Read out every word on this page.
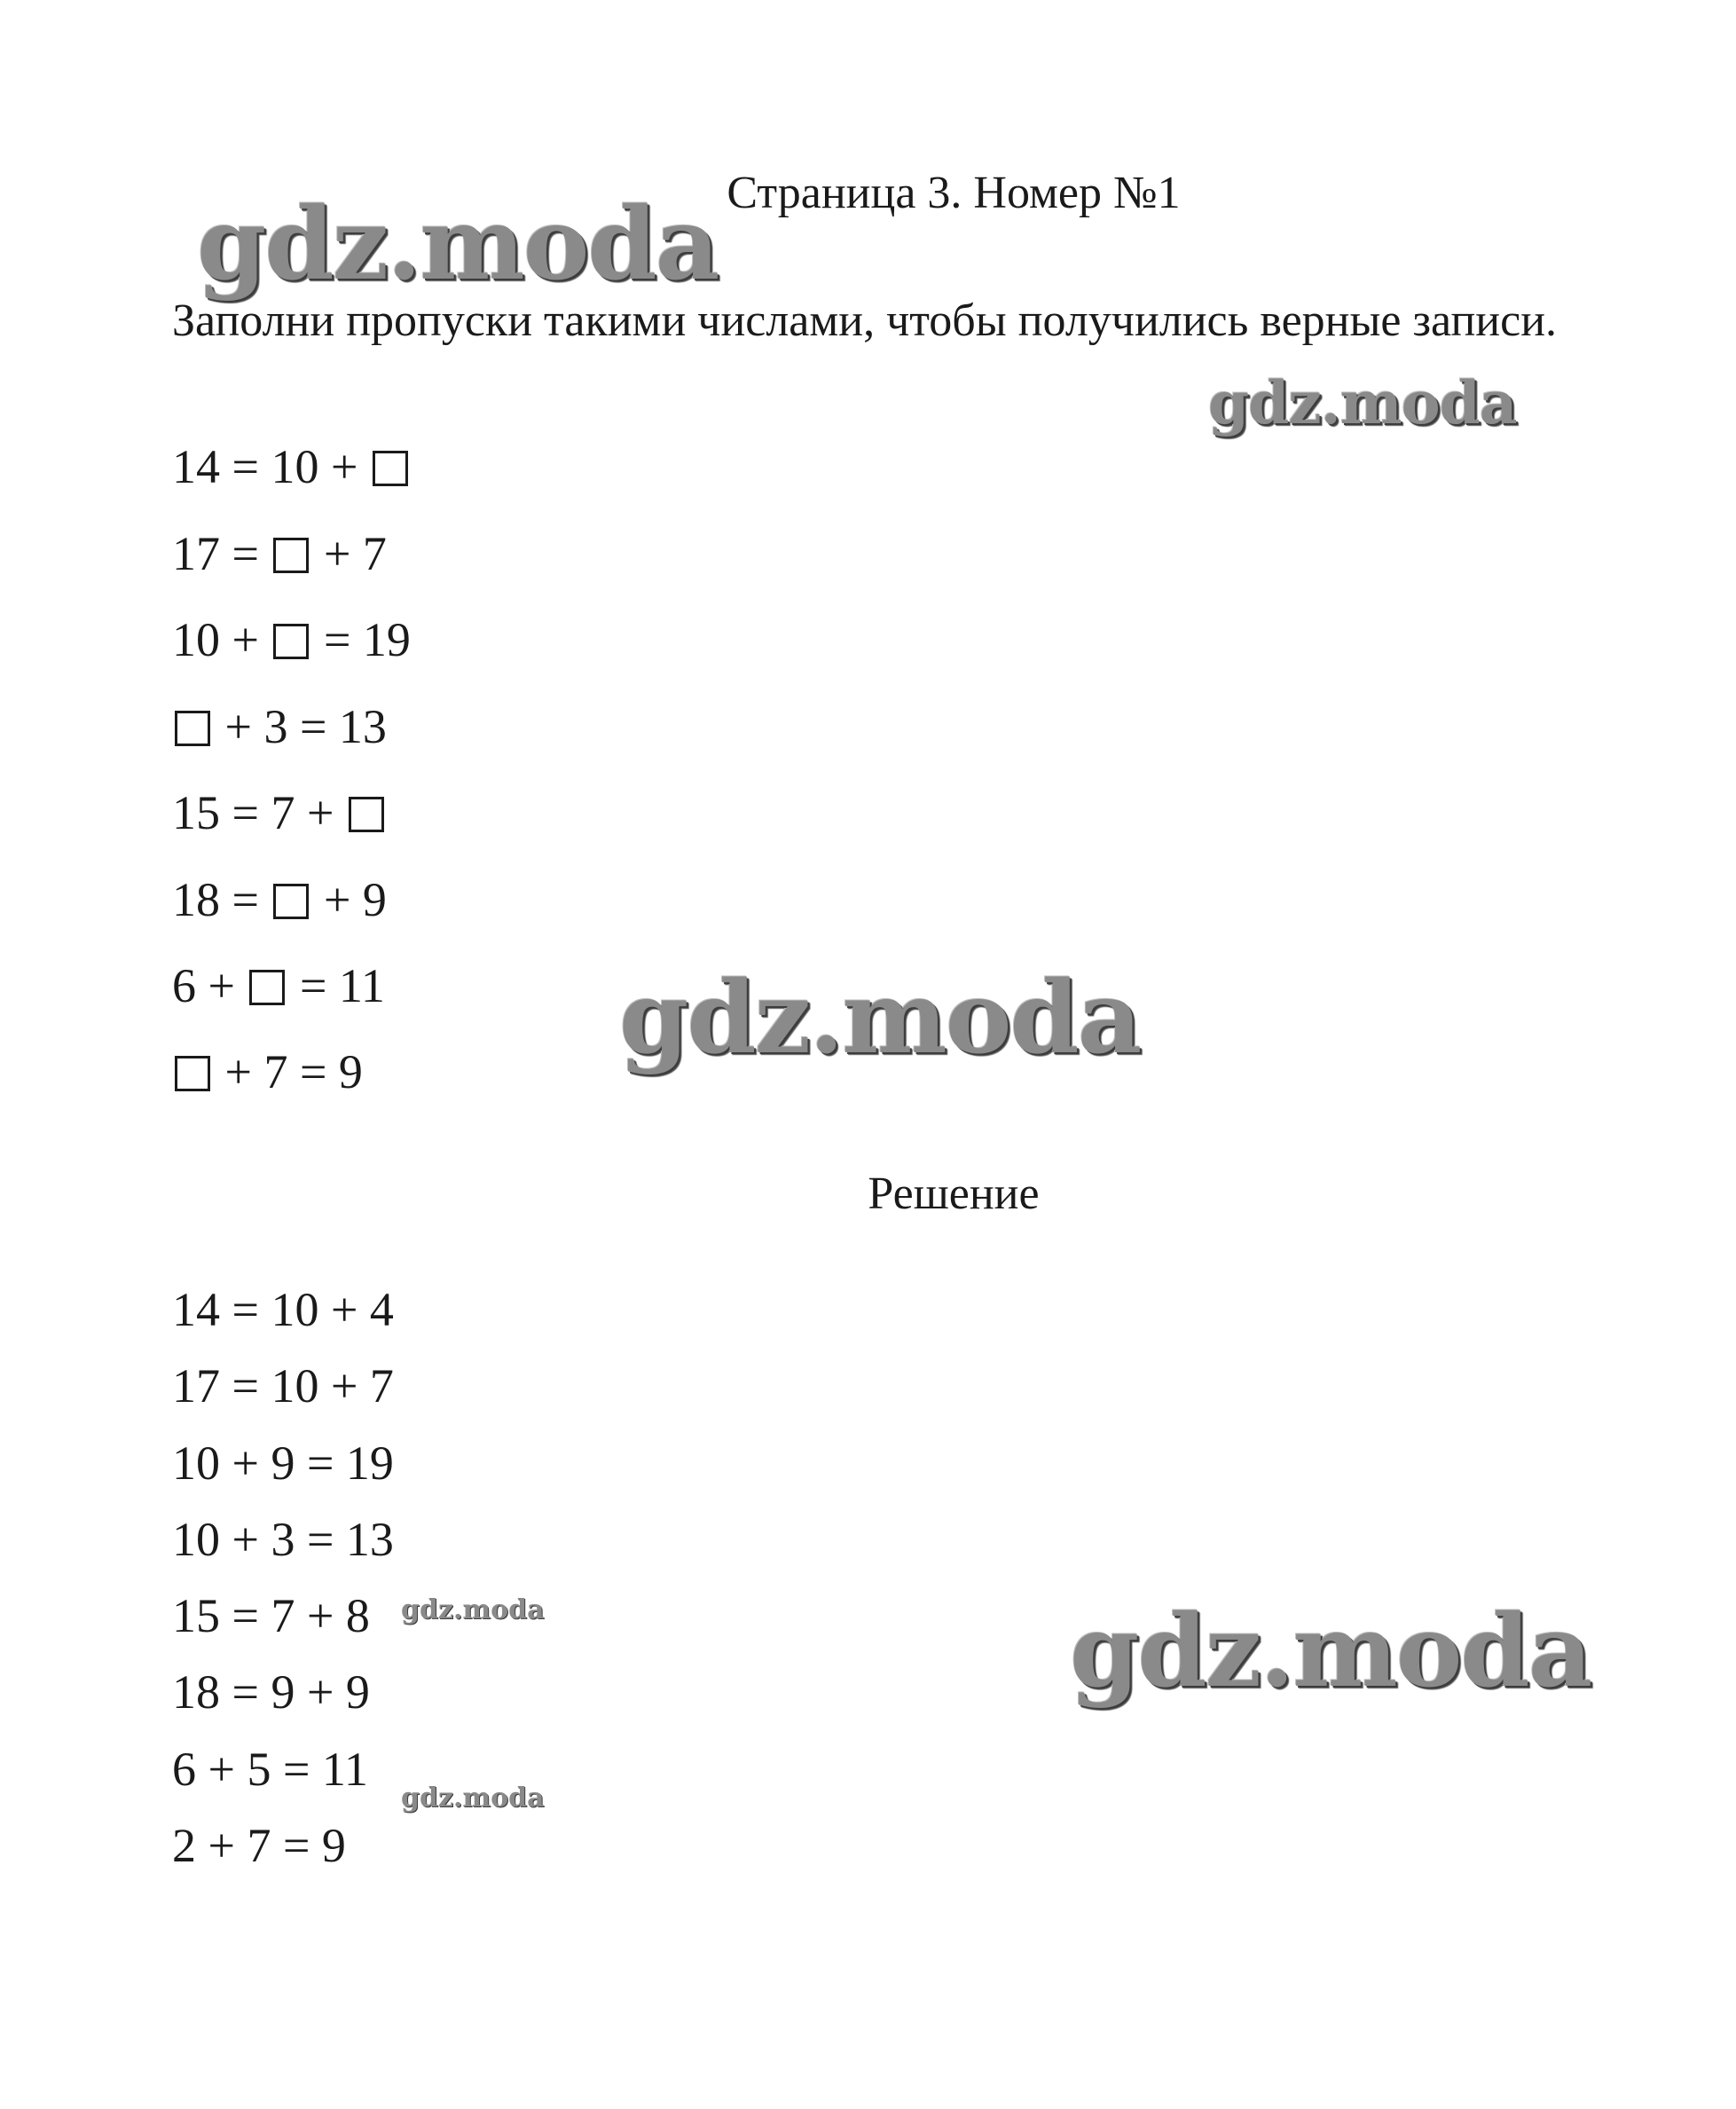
Страница 3. Номер №1
Заполни пропуски такими числами, чтобы получились верные записи.
14 = 10 +
17 =  + 7
10 +  = 19
+ 3 = 13
15 = 7 +
18 =  + 9
6 +  = 11
+ 7 = 9
Решение
14 = 10 + 4
17 = 10 + 7
10 + 9 = 19
10 + 3 = 13
15 = 7 + 8
18 = 9 + 9
6 + 5 = 11
2 + 7 = 9
gdz.moda
gdz.moda
gdz.moda
gdz.moda	gdz.moda
gdz.moda
